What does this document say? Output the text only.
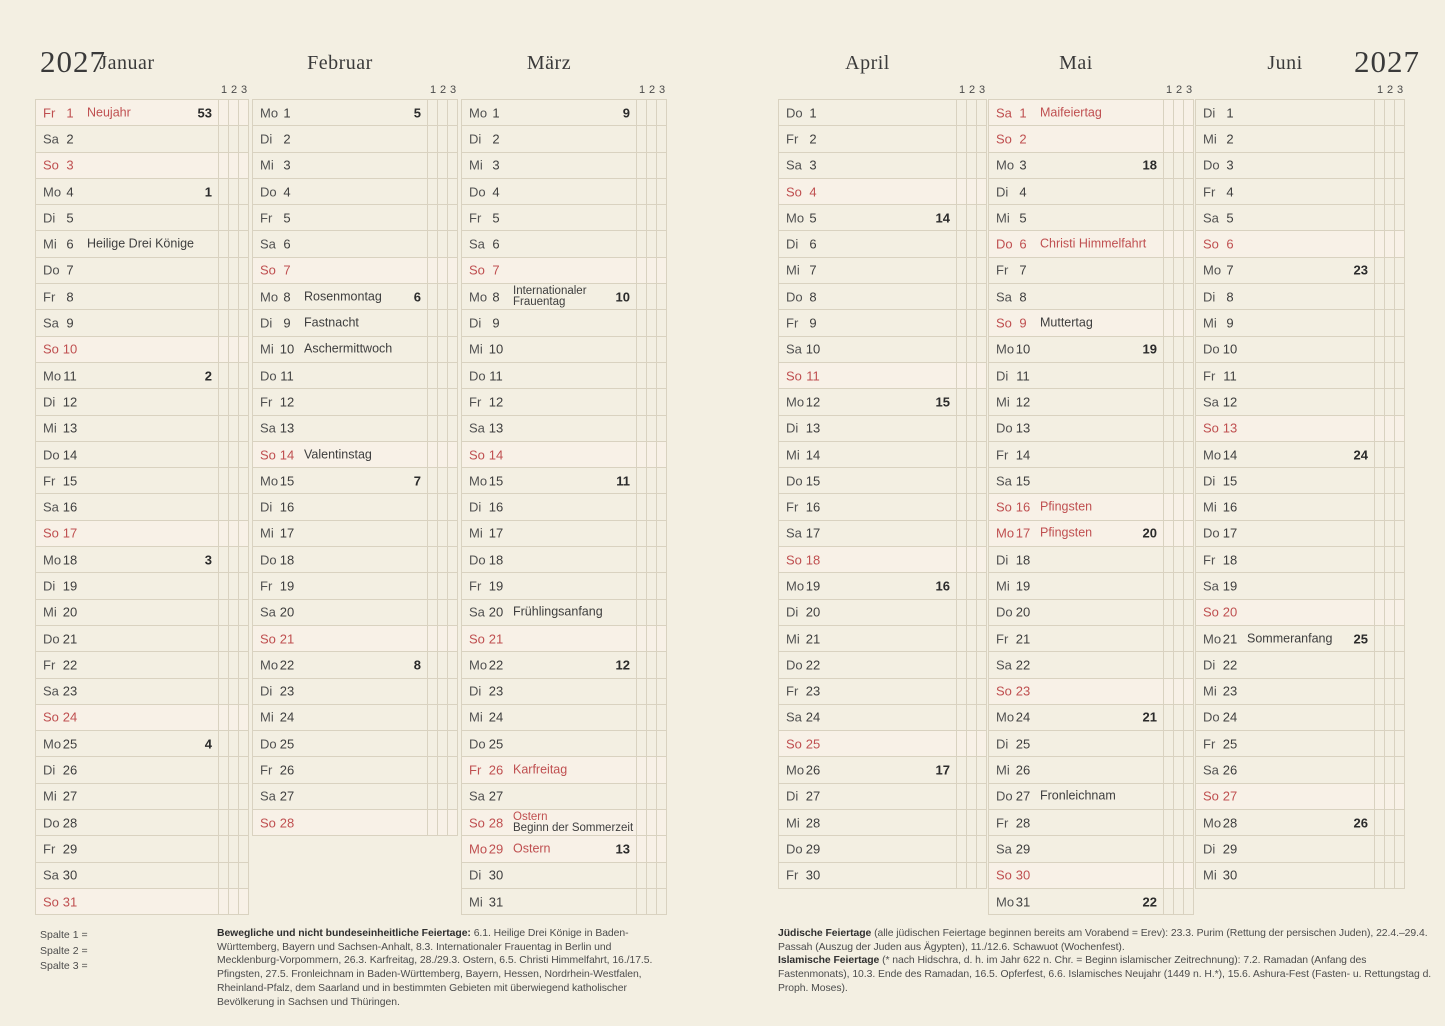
2027	2027
Januar
1 2 3
Fr 1	Neujahr	53
Sa 2
So 3
Mo 4	1
Di 5
Mi 6	Heilige Drei Könige
Do 7
Fr 8
Sa 9
So 10
Mo 11	2
Di 12
Mi 13
Do 14
Fr 15
Sa 16
So 17
Mo 18	3
Di 19
Mi 20
Do 21
Fr 22
Sa 23
So 24
Mo 25	4
Di 26
Mi 27
Do 28
Fr 29
Sa 30
So 31
Februar
1 2 3
Mo 1	5
Di 2
Mi 3
Do 4
Fr 5
Sa 6
So 7
Mo 8	Rosenmontag 6
Di 9	Fastnacht
Mi 10 Aschermittwoch
Do 11
Fr 12
Sa 13
So 14 Valentinstag
Mo 15	7
Di 16
Mi 17
Do 18
Fr 19
Sa 20
So 21
Mo 22	8
Di 23
Mi 24
Do 25
Fr 26
Sa 27
So 28
März
1 2 3
Mo 1	9
Di 2
Mi 3
Do 4
Fr 5
Sa 6
So 7
Mo 8	Internationaler
Frauentag	10
Di 9
Mi 10
Do 11
Fr 12
Sa 13
So 14
Mo 15	11
Di 16
Mi 17
Do 18
Fr 19
Sa 20 Frühlingsanfang
So 21
Mo 22	12
Di 23
Mi 24
Do 25
Fr 26 Karfreitag
Sa 27
So 28 Ostern
Beginn der Sommerzeit
Mo 29 Ostern	13
Di 30
Mi 31
April
1 2 3
Do 1
Fr 2
Sa 3
So 4
Mo 5	14
Di 6
Mi 7
Do 8
Fr 9
Sa 10
So 11
Mo 12	15
Di 13
Mi 14
Do 15
Fr 16
Sa 17
So 18
Mo 19	16
Di 20
Mi 21
Do 22
Fr 23
Sa 24
So 25
Mo 26	17
Di 27
Mi 28
Do 29
Fr 30
Mai
1 2 3
Sa 1	Maifeiertag
So 2
Mo 3	18
Di 4
Mi 5
Do 6	Christi Himmelfahrt
Fr 7
Sa 8
So 9	Muttertag
Mo 10	19
Di 11
Mi 12
Do 13
Fr 14
Sa 15
So 16 Pfingsten
Mo 17 Pfingsten	20
Di 18
Mi 19
Do 20
Fr 21
Sa 22
So 23
Mo 24	21
Di 25
Mi 26
Do 27 Fronleichnam
Fr 28
Sa 29
So 30
Mo 31	22
Juni
1 2 3
Di 1
Mi 2
Do 3
Fr 4
Sa 5
So 6
Mo 7	23
Di 8
Mi 9
Do 10
Fr 11
Sa 12
So 13
Mo 14	24
Di 15
Mi 16
Do 17
Fr 18
Sa 19
So 20
Mo 21 Sommeranfang 25
Di 22
Mi 23
Do 24
Fr 25
Sa 26
So 27
Mo 28	26
Di 29
Mi 30
Spalte 1 =
Spalte 2 =
Spalte 3 =

Bewegliche und nicht bundeseinheitliche Feiertage: 6.1. Heilige Drei Könige in Baden-Württemberg, Bayern und Sachsen-Anhalt, 8.3. Internationaler Frauentag in Berlin und Mecklenburg-Vorpommern, 26.3. Karfreitag, 28./29.3. Ostern, 6.5. Christi Himmelfahrt, 16./17.5. Pfingsten, 27.5. Fronleichnam in Baden-Württemberg, Bayern, Hessen, Nordrhein-Westfalen, Rheinland-Pfalz, dem Saarland und in bestimmten Gebieten mit überwiegend katholischer Bevölkerung in Sachsen und Thüringen.

Jüdische Feiertage (alle jüdischen Feiertage beginnen bereits am Vorabend = Erev): 23.3. Purim (Rettung der persischen Juden), 22.4.–29.4. Passah (Auszug der Juden aus Ägypten), 11./12.6. Schawuot (Wochenfest).

Islamische Feiertage (* nach Hidschra, d. h. im Jahr 622 n. Chr. = Beginn islamischer Zeitrechnung): 7.2. Ramadan (Anfang des Fastenmonats), 10.3. Ende des Ramadan, 16.5. Opferfest, 6.6. Islamisches Neujahr (1449 n. H.*), 15.6. Ashura-Fest (Fasten- u. Rettungstag d. Proph. Moses).
